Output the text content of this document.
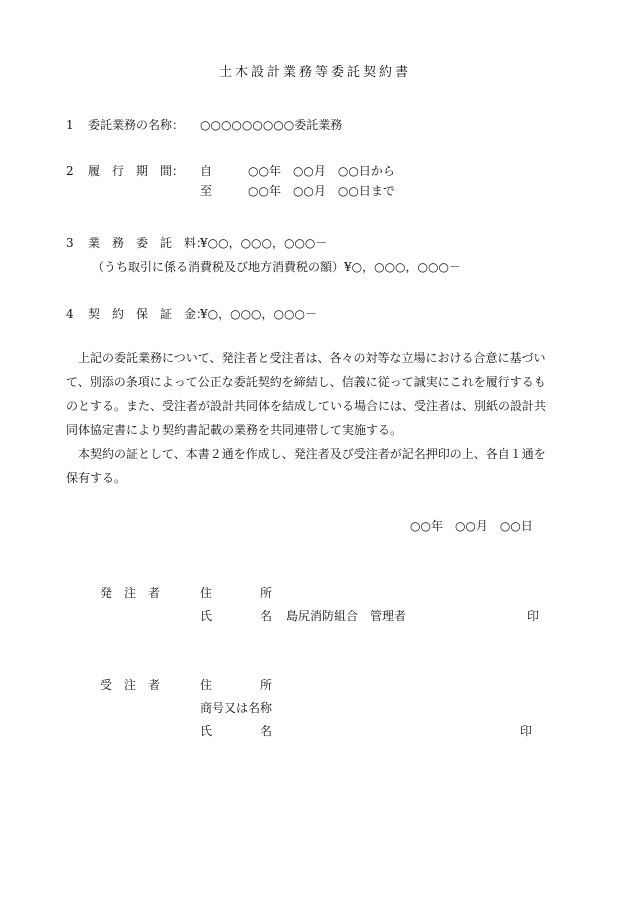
土木設計業務等委託契約書
1 委託業務の名称： ○○○○○○○○○委託業務
2 履　行　期　間： 自	○○年　○○月　○○日から
至	○○年　○○月　○○日まで
3 業　務　委　託　料：
¥○○，○○○，○○○－
（うち取引に係る消費税及び地方消費税の額）¥○，○○○，○○○－
4 契　約　保　証　金：
¥○，○○○，○○○－

　上記の委託業務について、発注者と受注者は、各々の対等な立場における合意に基づい

て、別添の条項によって公正な委託契約を締結し、信義に従って誠実にこれを履行するも

のとする。また、受注者が設計共同体を結成している場合には、受注者は、別紙の設計共

同体協定書により契約書記載の業務を共同連帯して実施する。

　本契約の証として、本書２通を作成し、発注者及び受注者が記名押印の上、各自１通を

保有する。

○○年　○○月　○○日
発　注　者	住　　　　所
氏　　　　名 島尻消防組合　管理者	印
受　注　者	住　　　　所
商号又は名称
氏　　　　名	印
